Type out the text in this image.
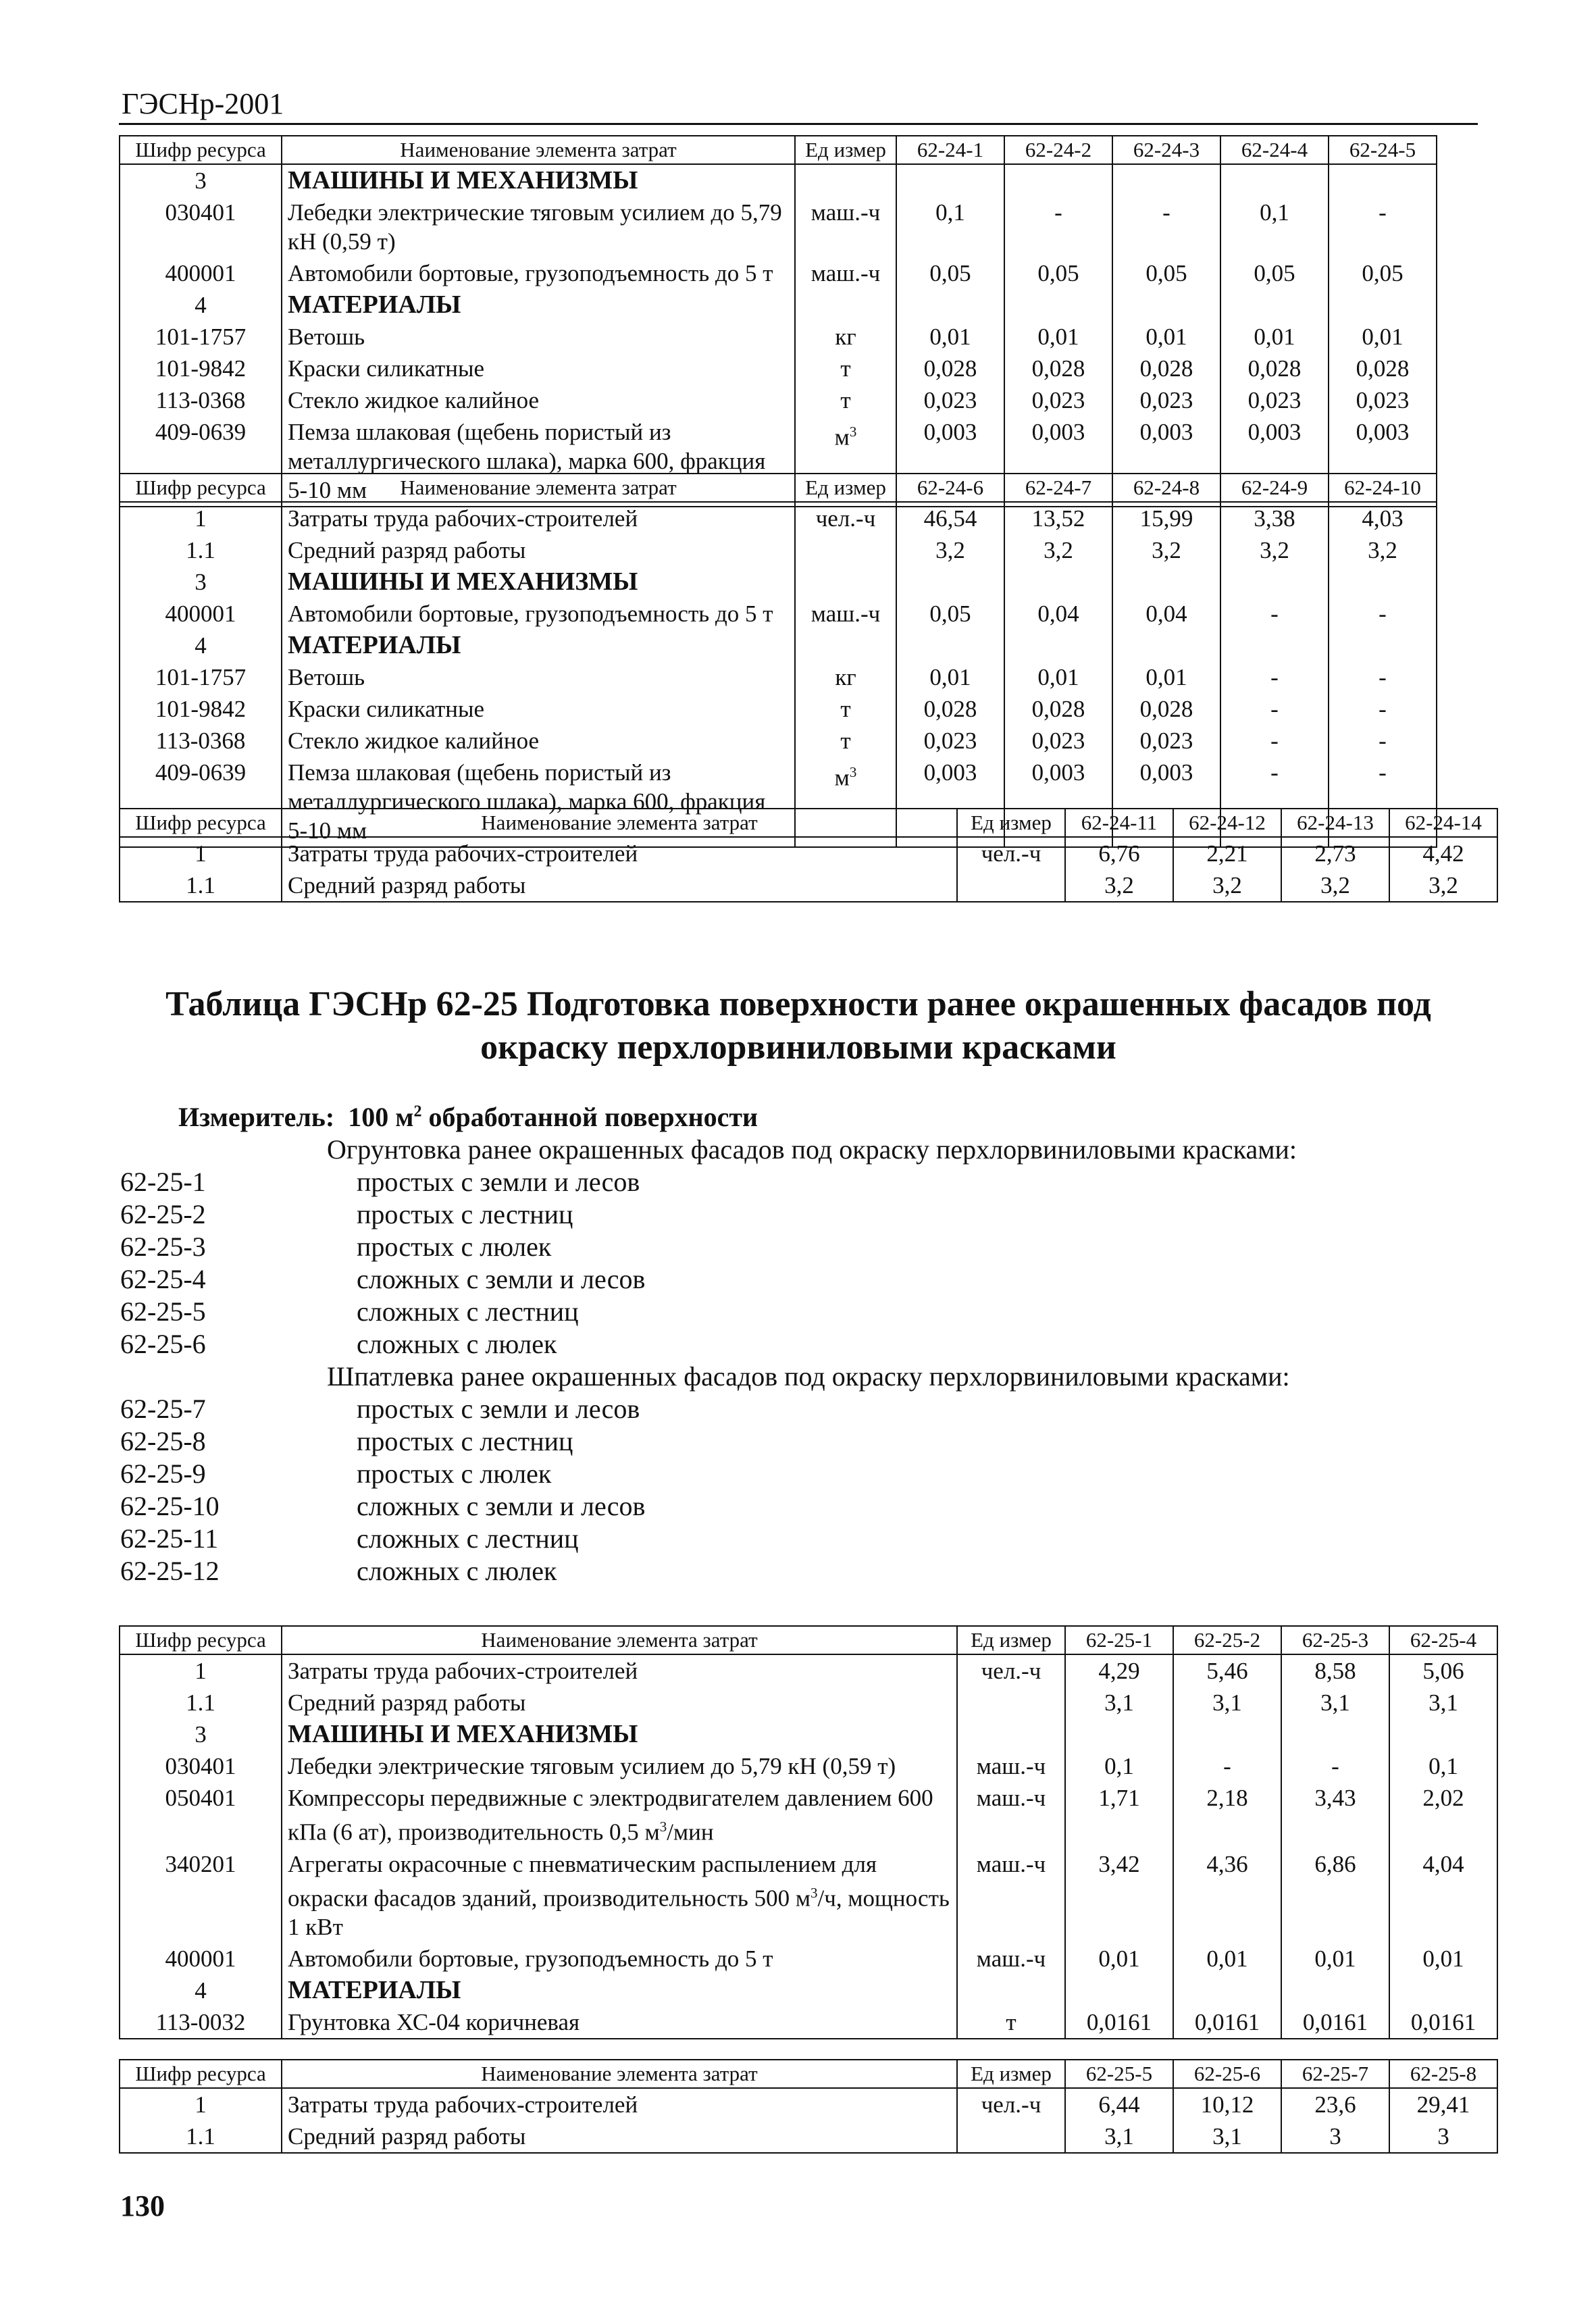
ГЭСНр-2001
Шифр ресурса	Наименование элемента затрат	Ед измер	62-24-1	62-24-2	62-24-3	62-24-4	62-24-5
3	МАШИНЫ И МЕХАНИЗМЫ						
030401	Лебедки электрические тяговым усилием до 5,79 кН (0,59 т)	маш.-ч	0,1	-	-	0,1	-
400001	Автомобили бортовые, грузоподъемность до 5 т	маш.-ч	0,05	0,05	0,05	0,05	0,05
4	МАТЕРИАЛЫ						
101-1757	Ветошь	кг	0,01	0,01	0,01	0,01	0,01
101-9842	Краски силикатные	т	0,028	0,028	0,028	0,028	0,028
113-0368	Стекло жидкое калийное	т	0,023	0,023	0,023	0,023	0,023
409-0639	Пемза шлаковая (щебень пористый из металлургического шлака), марка 600, фракция 5-10 мм	$м^3$	0,003	0,003	0,003	0,003	0,003
Шифр ресурса	Наименование элемента затрат	Ед измер	62-24-6	62-24-7	62-24-8	62-24-9	62-24-10
1	Затраты труда рабочих-строителей	чел.-ч	46,54	13,52	15,99	3,38	4,03
1.1	Средний разряд работы		3,2	3,2	3,2	3,2	3,2
3	МАШИНЫ И МЕХАНИЗМЫ						
400001	Автомобили бортовые, грузоподъемность до 5 т	маш.-ч	0,05	0,04	0,04	-	-
4	МАТЕРИАЛЫ						
101-1757	Ветошь	кг	0,01	0,01	0,01	-	-
101-9842	Краски силикатные	т	0,028	0,028	0,028	-	-
113-0368	Стекло жидкое калийное	т	0,023	0,023	0,023	-	-
409-0639	Пемза шлаковая (щебень пористый из металлургического шлака), марка 600, фракция 5-10 мм	$м^3$	0,003	0,003	0,003	-	-
Шифр ресурса	Наименование элемента затрат	Ед измер	62-24-11	62-24-12	62-24-13	62-24-14
1	Затраты труда рабочих-строителей	чел.-ч	6,76	2,21	2,73	4,42
1.1	Средний разряд работы		3,2	3,2	3,2	3,2
Таблица ГЭСНр 62-25 Подготовка поверхности ранее окрашенных фасадов под окраску перхлорвиниловыми красками
Измеритель: 100 $м^2$ обработанной поверхности
Огрунтовка ранее окрашенных фасадов под окраску перхлорвиниловыми красками:
62-25-1	простых с земли и лесов
62-25-2	простых с лестниц
62-25-3	простых с люлек
62-25-4	сложных с земли и лесов
62-25-5	сложных с лестниц
62-25-6	сложных с люлек
Шпатлевка ранее окрашенных фасадов под окраску перхлорвиниловыми красками:
62-25-7	простых с земли и лесов
62-25-8	простых с лестниц
62-25-9	простых с люлек
62-25-10	сложных с земли и лесов
62-25-11	сложных с лестниц
62-25-12	сложных с люлек
Шифр ресурса	Наименование элемента затрат	Ед измер	62-25-1	62-25-2	62-25-3	62-25-4
1	Затраты труда рабочих-строителей	чел.-ч	4,29	5,46	8,58	5,06
1.1	Средний разряд работы		3,1	3,1	3,1	3,1
3	МАШИНЫ И МЕХАНИЗМЫ					
030401	Лебедки электрические тяговым усилием до 5,79 кН (0,59 т)	маш.-ч	0,1	-	-	0,1
050401	Компрессоры передвижные с электродвигателем давлением 600 кПа (6 ат), производительность 0,5 $м^3$/мин	маш.-ч	1,71	2,18	3,43	2,02
340201	Агрегаты окрасочные с пневматическим распылением для окраски фасадов зданий, производительность 500 $м^3/ч$, мощность 1 кВт	маш.-ч	3,42	4,36	6,86	4,04
400001	Автомобили бортовые, грузоподъемность до 5 т	маш.-ч	0,01	0,01	0,01	0,01
4	МАТЕРИАЛЫ					
113-0032	Грунтовка ХС-04 коричневая	т	0,0161	0,0161	0,0161	0,0161
Шифр ресурса	Наименование элемента затрат	Ед измер	62-25-5	62-25-6	62-25-7	62-25-8
1	Затраты труда рабочих-строителей	чел.-ч	6,44	10,12	23,6	29,41
1.1	Средний разряд работы		3,1	3,1	3	3
130
